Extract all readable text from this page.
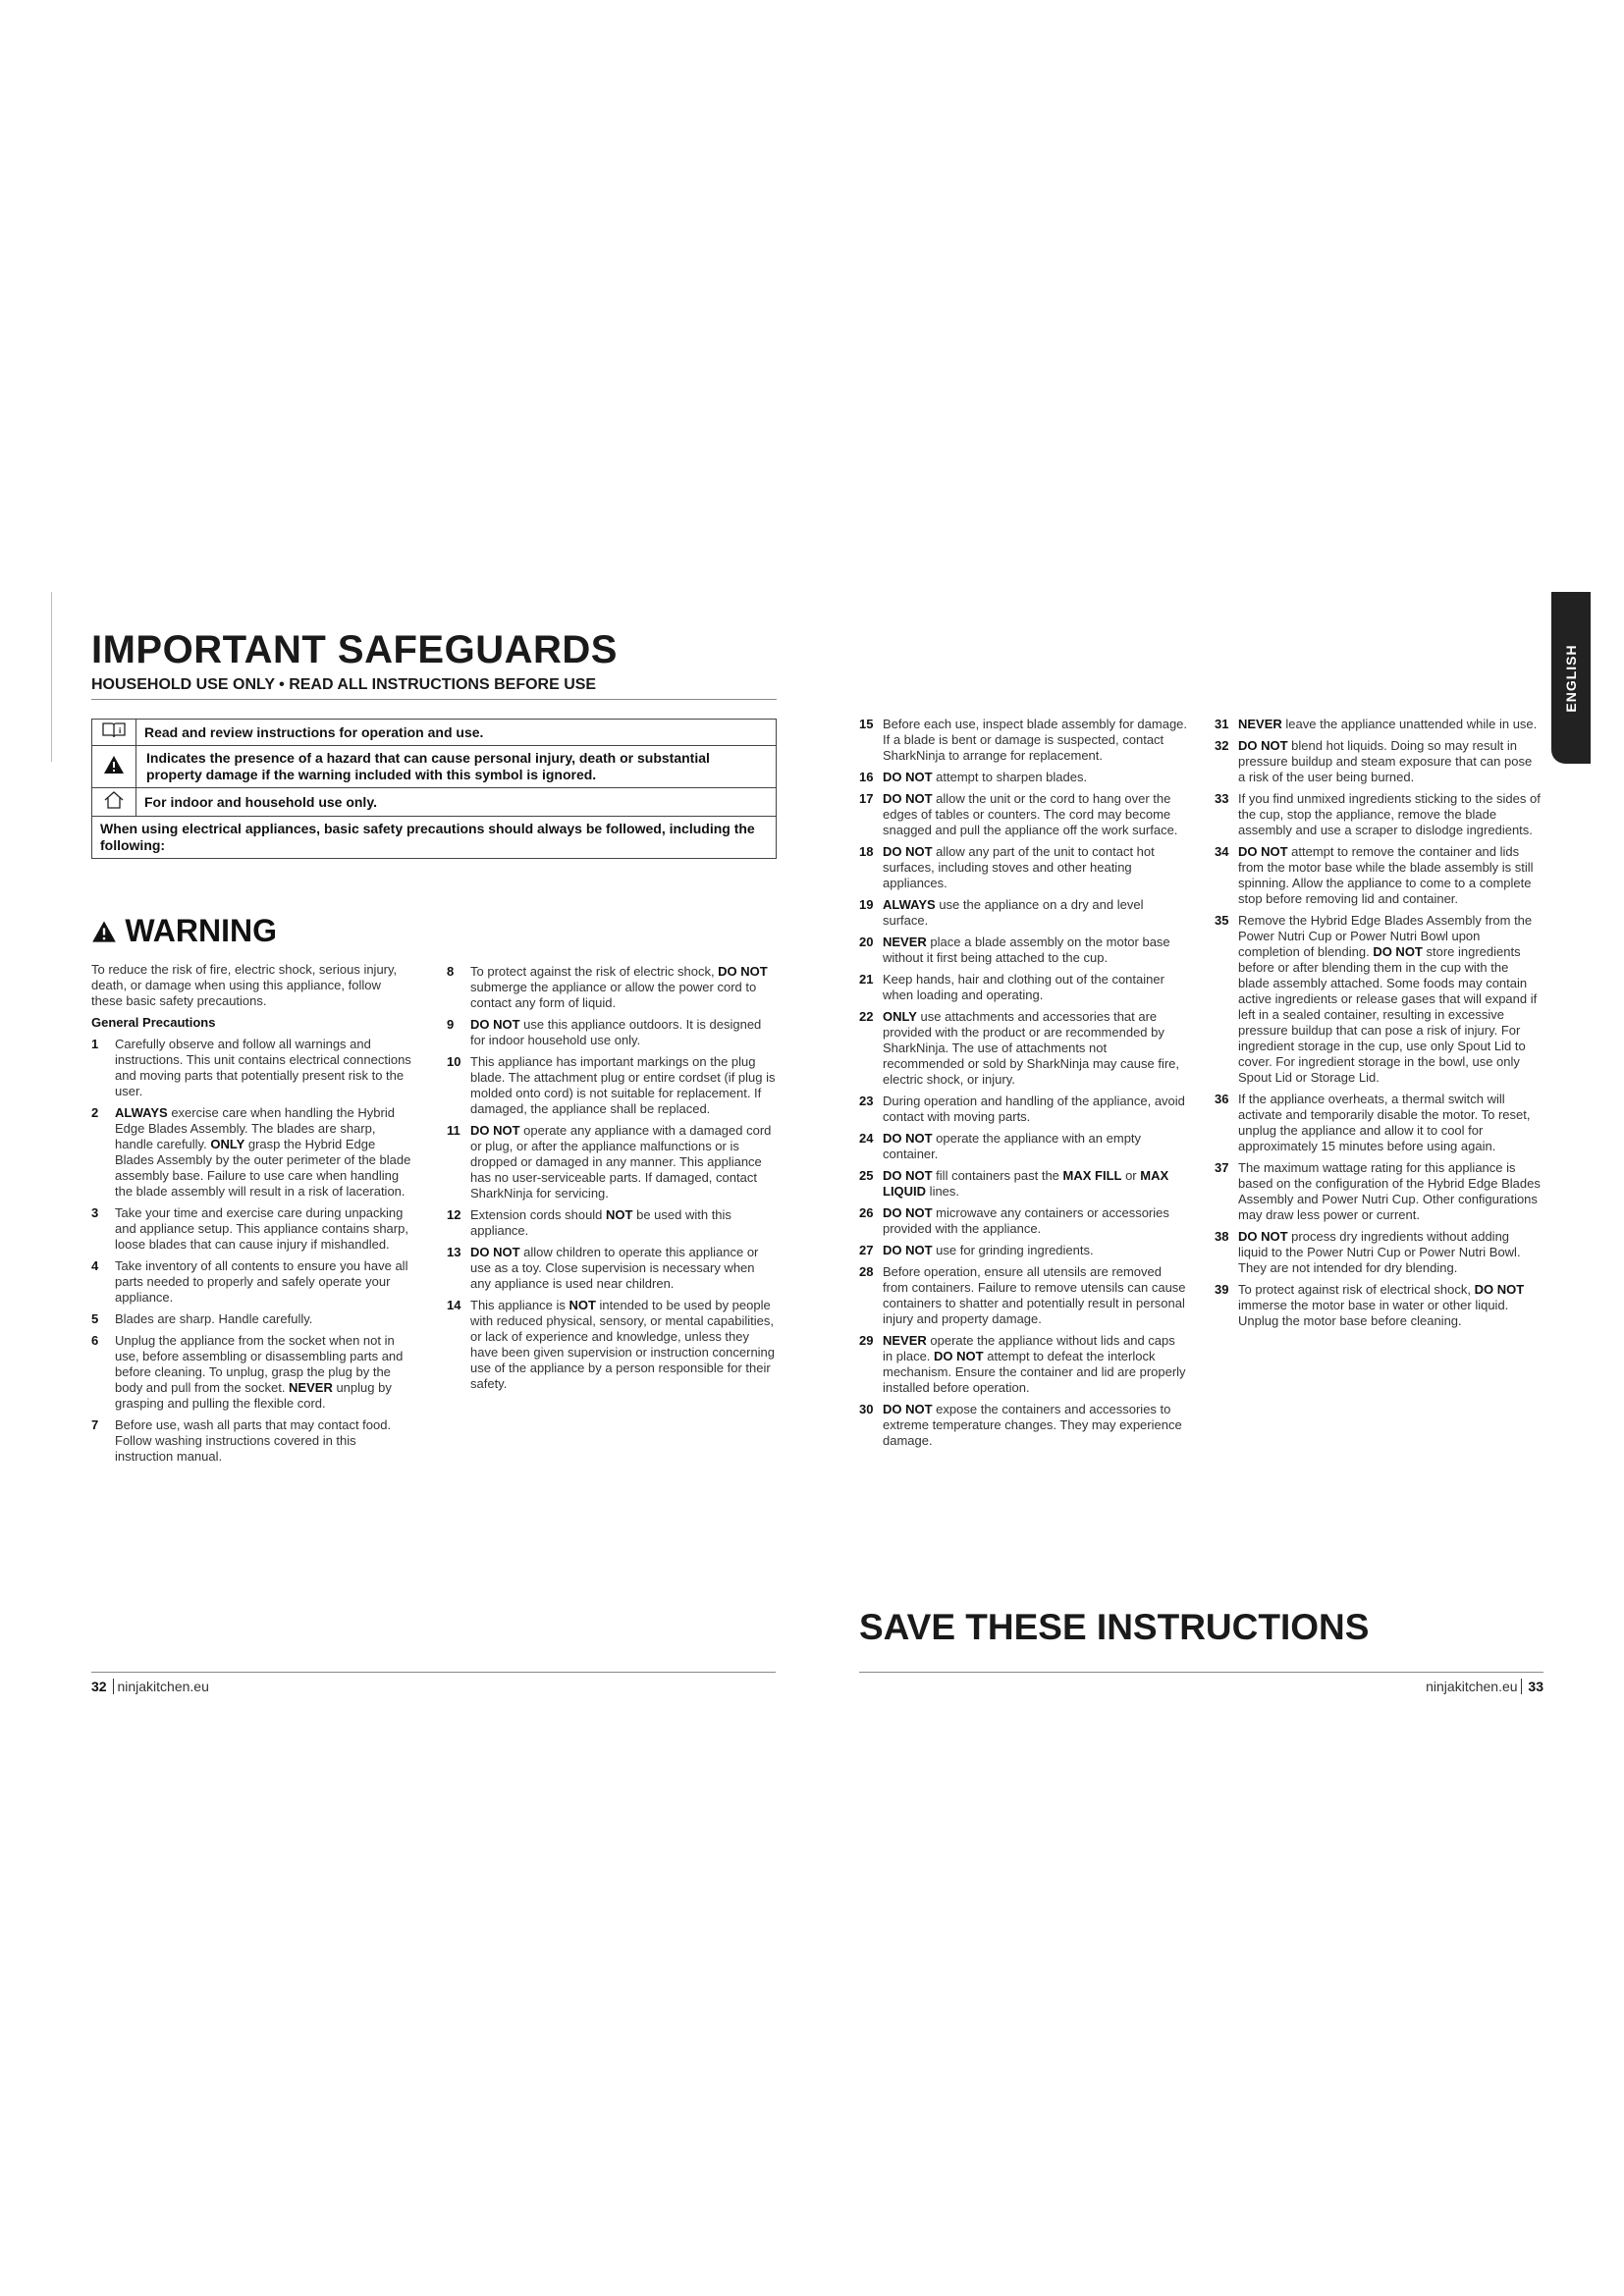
IMPORTANT SAFEGUARDS
HOUSEHOLD USE ONLY • READ ALL INSTRUCTIONS BEFORE USE
i	Read and review instructions for operation and use.
	Indicates the presence of a hazard that can cause personal injury, death or substantial property damage if the warning included with this symbol is ignored.
	For indoor and household use only.
When using electrical appliances, basic safety precautions should always be followed, including the following:	
WARNING

To reduce the risk of fire, electric shock, serious injury, death, or damage when using this appliance, follow these basic safety precautions.

General Precautions

1 Carefully observe and follow all warnings and instructions. This unit contains electrical connections and moving parts that potentially present risk to the user.
2 ALWAYS exercise care when handling the Hybrid Edge Blades Assembly. The blades are sharp, handle carefully. ONLY grasp the Hybrid Edge Blades Assembly by the outer perimeter of the blade assembly base. Failure to use care when handling the blade assembly will result in a risk of laceration.
3 Take your time and exercise care during unpacking and appliance setup. This appliance contains sharp, loose blades that can cause injury if mishandled.
4 Take inventory of all contents to ensure you have all parts needed to properly and safely operate your appliance.
5 Blades are sharp. Handle carefully.
6 Unplug the appliance from the socket when not in use, before assembling or disassembling parts and before cleaning. To unplug, grasp the plug by the body and pull from the socket. NEVER unplug by grasping and pulling the flexible cord.
7 Before use, wash all parts that may contact food. Follow washing instructions covered in this instruction manual.
8 To protect against the risk of electric shock, DO NOT submerge the appliance or allow the power cord to contact any form of liquid.
9 DO NOT use this appliance outdoors. It is designed for indoor household use only.
10 This appliance has important markings on the plug blade. The attachment plug or entire cordset (if plug is molded onto cord) is not suitable for replacement. If damaged, the appliance shall be replaced.
11 DO NOT operate any appliance with a damaged cord or plug, or after the appliance malfunctions or is dropped or damaged in any manner. This appliance has no user-serviceable parts. If damaged, contact SharkNinja for servicing.
12 Extension cords should NOT be used with this appliance.
13 DO NOT allow children to operate this appliance or use as a toy. Close supervision is necessary when any appliance is used near children.
14 This appliance is NOT intended to be used by people with reduced physical, sensory, or mental capabilities, or lack of experience and knowledge, unless they have been given supervision or instruction concerning use of the appliance by a person responsible for their safety.
15 Before each use, inspect blade assembly for damage. If a blade is bent or damage is suspected, contact SharkNinja to arrange for replacement.
16 DO NOT attempt to sharpen blades.
17 DO NOT allow the unit or the cord to hang over the edges of tables or counters. The cord may become snagged and pull the appliance off the work surface.
18 DO NOT allow any part of the unit to contact hot surfaces, including stoves and other heating appliances.
19 ALWAYS use the appliance on a dry and level surface.
20 NEVER place a blade assembly on the motor base without it first being attached to the cup.
21 Keep hands, hair and clothing out of the container when loading and operating.
22 ONLY use attachments and accessories that are provided with the product or are recommended by SharkNinja. The use of attachments not recommended or sold by SharkNinja may cause fire, electric shock, or injury.
23 During operation and handling of the appliance, avoid contact with moving parts.
24 DO NOT operate the appliance with an empty container.
25 DO NOT fill containers past the MAX FILL or MAX LIQUID lines.
26 DO NOT microwave any containers or accessories provided with the appliance.
27 DO NOT use for grinding ingredients.
28 Before operation, ensure all utensils are removed from containers. Failure to remove utensils can cause containers to shatter and potentially result in personal injury and property damage.
29 NEVER operate the appliance without lids and caps in place. DO NOT attempt to defeat the interlock mechanism. Ensure the container and lid are properly installed before operation.
30 DO NOT expose the containers and accessories to extreme temperature changes. They may experience damage.
31 NEVER leave the appliance unattended while in use.
32 DO NOT blend hot liquids. Doing so may result in pressure buildup and steam exposure that can pose a risk of the user being burned.
33 If you find unmixed ingredients sticking to the sides of the cup, stop the appliance, remove the blade assembly and use a scraper to dislodge ingredients.
34 DO NOT attempt to remove the container and lids from the motor base while the blade assembly is still spinning. Allow the appliance to come to a complete stop before removing lid and container.
35 Remove the Hybrid Edge Blades Assembly from the Power Nutri Cup or Power Nutri Bowl upon completion of blending. DO NOT store ingredients before or after blending them in the cup with the blade assembly attached. Some foods may contain active ingredients or release gases that will expand if left in a sealed container, resulting in excessive pressure buildup that can pose a risk of injury. For ingredient storage in the cup, use only Spout Lid to cover. For ingredient storage in the bowl, use only Spout Lid or Storage Lid.
36 If the appliance overheats, a thermal switch will activate and temporarily disable the motor. To reset, unplug the appliance and allow it to cool for approximately 15 minutes before using again.
37 The maximum wattage rating for this appliance is based on the configuration of the Hybrid Edge Blades Assembly and Power Nutri Cup. Other configurations may draw less power or current.
38 DO NOT process dry ingredients without adding liquid to the Power Nutri Cup or Power Nutri Bowl. They are not intended for dry blending.
39 To protect against risk of electrical shock, DO NOT immerse the motor base in water or other liquid. Unplug the motor base before cleaning.
SAVE THESE INSTRUCTIONS
ENGLISH
32 ninjakitchen.eu	ninjakitchen.eu 33
